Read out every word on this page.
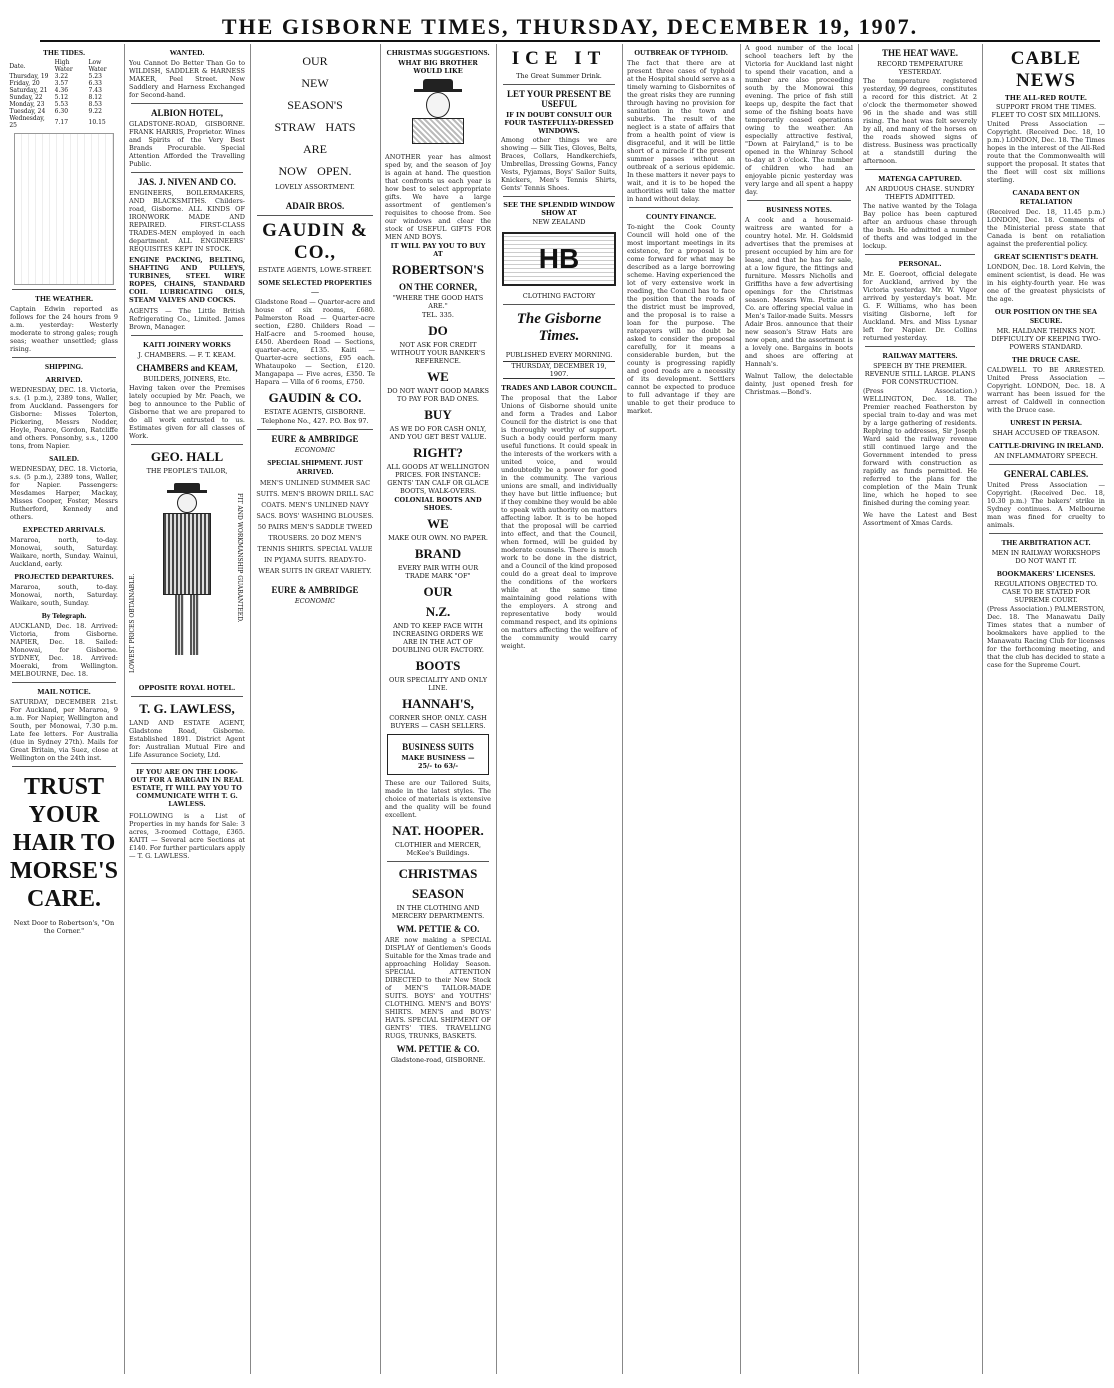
THE GISBORNE TIMES, THURSDAY, DECEMBER 19, 1907.
THE TIDES.
Date.	High Water	Low Water
Thursday, 19	3.22	5.23
Friday, 20	3.57	6.33
Saturday, 21	4.36	7.43
Sunday, 22	5.12	8.12
Monday, 23	5.53	8.53
Tuesday, 24	6.30	9.22
Wednesday, 25	7.17	10.15
THE WEATHER.
Captain Edwin reported as follows for the 24 hours from 9 a.m. yesterday: Westerly moderate to strong gales; rough seas; weather unsettled; glass rising.
SHIPPING.
ARRIVED.
WEDNESDAY, DEC. 18. Victoria, s.s. (1 p.m.), 2389 tons, Waller, from Auckland. Passengers for Gisborne: Misses Tolerton, Pickering, Messrs Nodder, Hoyle, Pearce, Gordon, Ratcliffe and others. Ponsonby, s.s., 1200 tons, from Napier.
SAILED.
WEDNESDAY, DEC. 18. Victoria, s.s. (5 p.m.), 2389 tons, Waller, for Napier. Passengers: Mesdames Harper, Mackay, Misses Cooper, Foster, Messrs Rutherford, Kennedy and others.
EXPECTED ARRIVALS.
Mararoa, north, to-day. Monowai, south, Saturday. Waikare, north, Sunday. Wainui, Auckland, early.
PROJECTED DEPARTURES.
Mararoa, south, to-day. Monowai, north, Saturday. Waikare, south, Sunday.
By Telegraph.
AUCKLAND, Dec. 18. Arrived: Victoria, from Gisborne. NAPIER, Dec. 18. Sailed: Monowai, for Gisborne. SYDNEY, Dec. 18. Arrived: Moeraki, from Wellington. MELBOURNE, Dec. 18.
MAIL NOTICE.
SATURDAY, DECEMBER 21st. For Auckland, per Mararoa, 9 a.m. For Napier, Wellington and South, per Monowai, 7.30 p.m. Late fee letters. For Australia (due in Sydney 27th). Mails for Great Britain, via Suez, close at Wellington on the 24th inst.
TRUST YOUR HAIR TO MORSE'S CARE.
Next Door to Robertson's, "On the Corner."
WANTED.
You Cannot Do Better Than Go to WILDISH, SADDLER & HARNESS MAKER, Peel Street. New Saddlery and Harness Exchanged for Second-hand.
ALBION HOTEL,
GLADSTONE-ROAD, GISBORNE. FRANK HARRIS, Proprietor. Wines and Spirits of the Very Best Brands Procurable. Special Attention Afforded the Travelling Public.
JAS. J. NIVEN AND CO.
ENGINEERS, BOILERMAKERS, AND BLACKSMITHS. Childers-road, Gisborne. ALL KINDS OF IRONWORK MADE AND REPAIRED. FIRST-CLASS TRADES-MEN employed in each department. ALL ENGINEERS' REQUISITES KEPT IN STOCK.
ENGINE PACKING, BELTING, SHAFTING AND PULLEYS, TURBINES, STEEL WIRE ROPES, CHAINS, STANDARD COIL LUBRICATING OILS, STEAM VALVES AND COCKS.
AGENTS — The Little British Refrigerating Co., Limited. James Brown, Manager.
KAITI JOINERY WORKS
J. CHAMBERS. — F. T. KEAM.
CHAMBERS and KEAM,
BUILDERS, JOINERS, Etc.
Having taken over the Premises lately occupied by Mr. Peach, we beg to announce to the Public of Gisborne that we are prepared to do all work entrusted to us. Estimates given for all classes of Work.
GEO. HALL
THE PEOPLE'S TAILOR,
LOWEST PRICES OBTAINABLE.
FIT AND WORKMANSHIP GUARANTEED.
OPPOSITE ROYAL HOTEL.
T. G. LAWLESS,
LAND AND ESTATE AGENT, Gladstone Road, Gisborne. Established 1891. District Agent for: Australian Mutual Fire and Life Assurance Society, Ltd.
IF YOU ARE ON THE LOOK-OUT FOR A BARGAIN IN REAL ESTATE, IT WILL PAY YOU TO COMMUNICATE WITH T. G. LAWLESS.
FOLLOWING is a List of Properties in my hands for Sale: 3 acres, 3-roomed Cottage, £365. KAITI — Several acre Sections at £140. For further particulars apply — T. G. LAWLESS.
OUR
NEW
SEASON'S
STRAW HATS
ARE
NOW OPEN.
LOVELY ASSORTMENT.
ADAIR BROS.
GAUDIN & CO.,
ESTATE AGENTS, LOWE-STREET.
SOME SELECTED PROPERTIES —
Gladstone Road — Quarter-acre and house of six rooms, £680. Palmerston Road — Quarter-acre section, £280. Childers Road — Half-acre and 5-roomed house, £450. Aberdeen Road — Sections, quarter-acre, £135. Kaiti — Quarter-acre sections, £95 each. Whataupoko — Section, £120. Mangapapa — Five acres, £350. Te Hapara — Villa of 6 rooms, £750.
GAUDIN & CO.
ESTATE AGENTS, GISBORNE.
Telephone No., 427. P.O. Box 97.
EURE & AMBRIDGE
ECONOMIC
SPECIAL SHIPMENT. JUST ARRIVED.
MEN'S UNLINED SUMMER SAC SUITS. MEN'S BROWN DRILL SAC COATS. MEN'S UNLINED NAVY SACS. BOYS' WASHING BLOUSES. 50 PAIRS MEN'S SADDLE TWEED TROUSERS. 20 DOZ MEN'S TENNIS SHIRTS. SPECIAL VALUE IN PYJAMA SUITS. READY-TO-WEAR SUITS IN GREAT VARIETY.
EURE & AMBRIDGE
ECONOMIC
CHRISTMAS SUGGESTIONS.
WHAT BIG BROTHER WOULD LIKE
ANOTHER year has almost sped by, and the season of Joy is again at hand. The question that confronts us each year is how best to select appropriate gifts. We have a large assortment of gentlemen's requisites to choose from. See our windows and clear the stock of USEFUL GIFTS FOR MEN AND BOYS.
IT WILL PAY YOU TO BUY AT
ROBERTSON'S
ON THE CORNER,
"WHERE THE GOOD HATS ARE."
TEL. 335.
DO
NOT ASK FOR CREDIT WITHOUT YOUR BANKER'S REFERENCE.
WE
DO NOT WANT GOOD MARKS TO PAY FOR BAD ONES.
BUY
AS WE DO FOR CASH ONLY, AND YOU GET BEST VALUE.
RIGHT?
ALL GOODS AT WELLINGTON PRICES. FOR INSTANCE: GENTS' TAN CALF OR GLACE BOOTS, WALK-OVERS.
COLONIAL BOOTS AND SHOES.
WE
MAKE OUR OWN. NO PAPER.
BRAND
EVERY PAIR WITH OUR TRADE MARK "OF"
OUR
N.Z.
AND TO KEEP FACE WITH INCREASING ORDERS WE ARE IN THE ACT OF DOUBLING OUR FACTORY.
BOOTS
OUR SPECIALITY AND ONLY LINE.
HANNAH'S,
CORNER SHOP. ONLY. CASH BUYERS — CASH SELLERS.
BUSINESS SUITS
MAKE BUSINESS — 25/- to 63/-
These are our Tailored Suits, made in the latest styles. The choice of materials is extensive and the quality will be found excellent.
NAT. HOOPER.
CLOTHIER and MERCER, McKee's Buildings.
CHRISTMAS
SEASON
IN THE CLOTHING AND MERCERY DEPARTMENTS.
WM. PETTIE & CO.
ARE now making a SPECIAL DISPLAY of Gentlemen's Goods Suitable for the Xmas trade and approaching Holiday Season. SPECIAL ATTENTION DIRECTED to their New Stock of MEN'S TAILOR-MADE SUITS. BOYS' and YOUTHS' CLOTHING. MEN'S and BOYS' SHIRTS. MEN'S and BOYS' HATS. SPECIAL SHIPMENT OF GENTS' TIES. TRAVELLING RUGS, TRUNKS, BASKETS.
WM. PETTIE & CO.
Gladstone-road, GISBORNE.
ICE IT
The Great Summer Drink.
LET YOUR PRESENT BE USEFUL
IF IN DOUBT CONSULT OUR FOUR TASTEFULLY-DRESSED WINDOWS.
Among other things we are showing — Silk Ties, Gloves, Belts, Braces, Collars, Handkerchiefs, Umbrellas, Dressing Gowns, Fancy Vests, Pyjamas, Boys' Sailor Suits, Knickers, Men's Tennis Shirts, Gents' Tennis Shoes.
SEE THE SPLENDID WINDOW SHOW AT
NEW ZEALAND
HB
CLOTHING FACTORY
The Gisborne Times.
PUBLISHED EVERY MORNING.
THURSDAY, DECEMBER 19, 1907.
TRADES AND LABOR COUNCIL.
The proposal that the Labor Unions of Gisborne should unite and form a Trades and Labor Council for the district is one that is thoroughly worthy of support. Such a body could perform many useful functions. It could speak in the interests of the workers with a united voice, and would undoubtedly be a power for good in the community. The various unions are small, and individually they have but little influence; but if they combine they would be able to speak with authority on matters affecting labor. It is to be hoped that the proposal will be carried into effect, and that the Council, when formed, will be guided by moderate counsels. There is much work to be done in the district, and a Council of the kind proposed could do a great deal to improve the conditions of the workers while at the same time maintaining good relations with the employers. A strong and representative body would command respect, and its opinions on matters affecting the welfare of the community would carry weight.
OUTBREAK OF TYPHOID.
The fact that there are at present three cases of typhoid at the Hospital should serve as a timely warning to Gisbornites of the great risks they are running through having no provision for sanitation in the town and suburbs. The result of the neglect is a state of affairs that from a health point of view is disgraceful, and it will be little short of a miracle if the present summer passes without an outbreak of a serious epidemic. In these matters it never pays to wait, and it is to be hoped the authorities will take the matter in hand without delay.
COUNTY FINANCE.
To-night the Cook County Council will hold one of the most important meetings in its existence, for a proposal is to come forward for what may be described as a large borrowing scheme. Having experienced the lot of very extensive work in roading, the Council has to face the position that the roads of the district must be improved, and the proposal is to raise a loan for the purpose. The ratepayers will no doubt be asked to consider the proposal carefully, for it means a considerable burden, but the county is progressing rapidly and good roads are a necessity of its development. Settlers cannot be expected to produce to full advantage if they are unable to get their produce to market.
A good number of the local school teachers left by the Victoria for Auckland last night to spend their vacation, and a number are also proceeding south by the Monowai this evening. The price of fish still keeps up, despite the fact that some of the fishing boats have temporarily ceased operations owing to the weather. An especially attractive festival, "Down at Fairyland," is to be opened in the Whinray School to-day at 3 o'clock. The number of children who had an enjoyable picnic yesterday was very large and all spent a happy day.
BUSINESS NOTES.
A cook and a housemaid-waitress are wanted for a country hotel. Mr. H. Goldsmid advertises that the premises at present occupied by him are for lease, and that he has for sale, at a low figure, the fittings and furniture. Messrs Nicholls and Griffiths have a few advertising openings for the Christmas season. Messrs Wm. Pettie and Co. are offering special value in Men's Tailor-made Suits. Messrs Adair Bros. announce that their new season's Straw Hats are now open, and the assortment is a lovely one. Bargains in boots and shoes are offering at Hannah's.
Walnut Tallow, the delectable dainty, just opened fresh for Christmas.—Bond's.
THE HEAT WAVE.
RECORD TEMPERATURE YESTERDAY.
The temperature registered yesterday, 99 degrees, constitutes a record for this district. At 2 o'clock the thermometer showed 96 in the shade and was still rising. The heat was felt severely by all, and many of the horses on the roads showed signs of distress. Business was practically at a standstill during the afternoon.
MATENGA CAPTURED.
AN ARDUOUS CHASE. SUNDRY THEFTS ADMITTED.
The native wanted by the Tolaga Bay police has been captured after an arduous chase through the bush. He admitted a number of thefts and was lodged in the lockup.
PERSONAL.
Mr. E. Goeroot, official delegate for Auckland, arrived by the Victoria yesterday. Mr. W. Vigor arrived by yesterday's boat. Mr. G. F. Williams, who has been visiting Gisborne, left for Auckland. Mrs. and Miss Lysnar left for Napier. Dr. Collins returned yesterday.
RAILWAY MATTERS.
SPEECH BY THE PREMIER. REVENUE STILL LARGE. PLANS FOR CONSTRUCTION.
(Press Association.) WELLINGTON, Dec. 18. The Premier reached Featherston by special train to-day and was met by a large gathering of residents. Replying to addresses, Sir Joseph Ward said the railway revenue still continued large and the Government intended to press forward with construction as rapidly as funds permitted. He referred to the plans for the completion of the Main Trunk line, which he hoped to see finished during the coming year.
We have the Latest and Best Assortment of Xmas Cards.
CABLE NEWS
THE ALL-RED ROUTE.
SUPPORT FROM THE TIMES. FLEET TO COST SIX MILLIONS.
United Press Association — Copyright. (Received Dec. 18, 10 p.m.) LONDON, Dec. 18. The Times hopes in the interest of the All-Red route that the Commonwealth will support the proposal. It states that the fleet will cost six millions sterling.
CANADA BENT ON RETALIATION
(Received Dec. 18, 11.45 p.m.) LONDON, Dec. 18. Comments of the Ministerial press state that Canada is bent on retaliation against the preferential policy.
GREAT SCIENTIST'S DEATH.
LONDON, Dec. 18. Lord Kelvin, the eminent scientist, is dead. He was in his eighty-fourth year. He was one of the greatest physicists of the age.
OUR POSITION ON THE SEA SECURE.
MR. HALDANE THINKS NOT. DIFFICULTY OF KEEPING TWO-POWERS STANDARD.
THE DRUCE CASE.
CALDWELL TO BE ARRESTED. United Press Association — Copyright. LONDON, Dec. 18. A warrant has been issued for the arrest of Caldwell in connection with the Druce case.
UNREST IN PERSIA.
SHAH ACCUSED OF TREASON.
CATTLE-DRIVING IN IRELAND.
AN INFLAMMATORY SPEECH.
GENERAL CABLES.
United Press Association — Copyright. (Received Dec. 18, 10.30 p.m.) The bakers' strike in Sydney continues. A Melbourne man was fined for cruelty to animals.
THE ARBITRATION ACT.
MEN IN RAILWAY WORKSHOPS DO NOT WANT IT.
BOOKMAKERS' LICENSES.
REGULATIONS OBJECTED TO. CASE TO BE STATED FOR SUPREME COURT.
(Press Association.) PALMERSTON, Dec. 18. The Manawatu Daily Times states that a number of bookmakers have applied to the Manawatu Racing Club for licenses for the forthcoming meeting, and that the club has decided to state a case for the Supreme Court.
